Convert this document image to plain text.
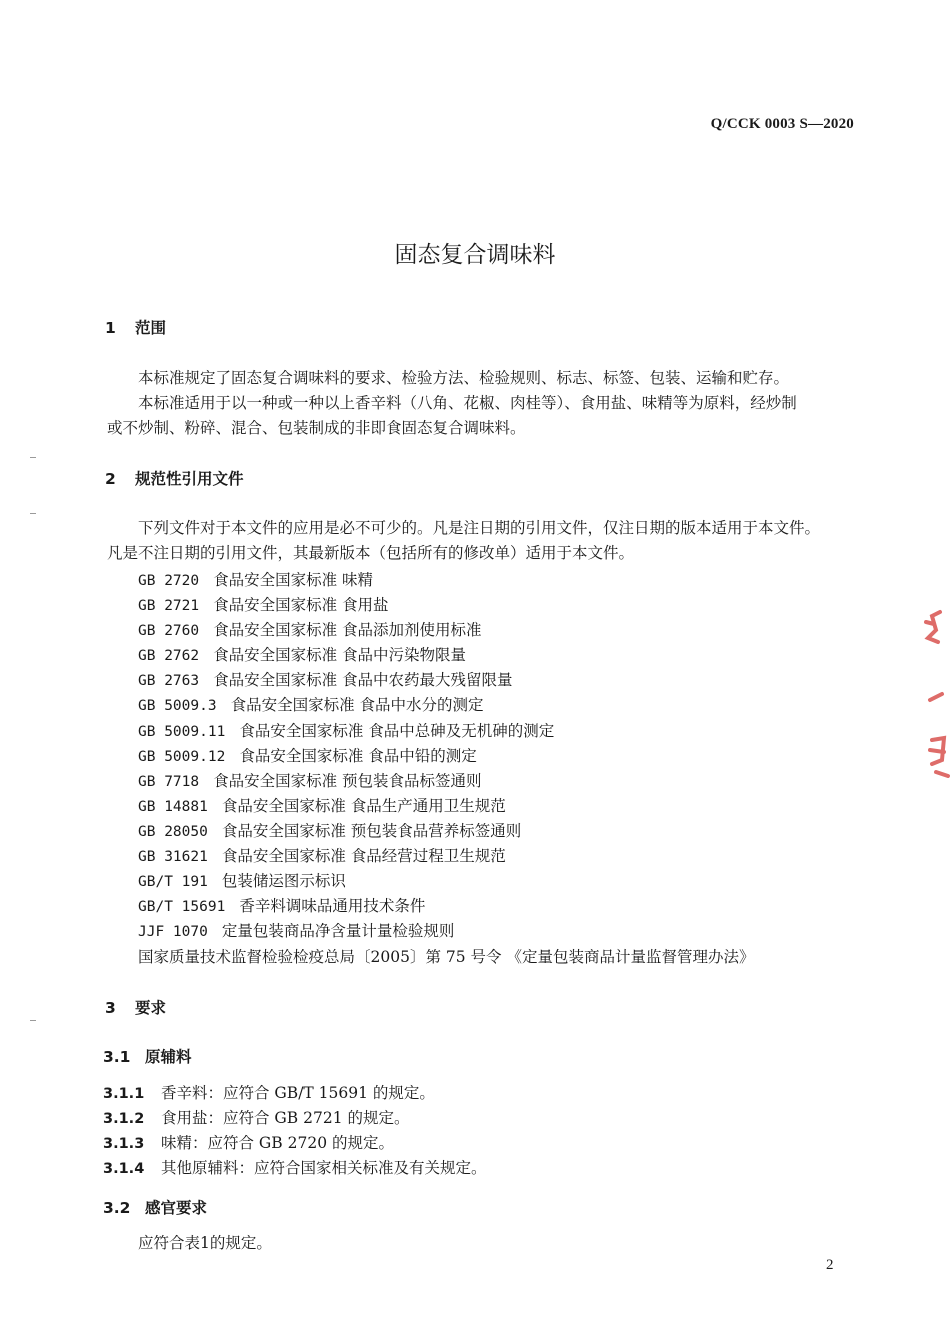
Q/CCK 0003 S—2020
固态复合调味料
1 范围
本标准规定了固态复合调味料的要求、检验方法、检验规则、标志、标签、包装、运输和贮存。
本标准适用于以一种或一种以上香辛料（八角、花椒、肉桂等）、食用盐、味精等为原料，经炒制
或不炒制、粉碎、混合、包装制成的非即食固态复合调味料。
2 规范性引用文件
下列文件对于本文件的应用是必不可少的。凡是注日期的引用文件，仅注日期的版本适用于本文件。
凡是不注日期的引用文件，其最新版本（包括所有的修改单）适用于本文件。
GB 2720 食品安全国家标准 味精
GB 2721 食品安全国家标准 食用盐
GB 2760 食品安全国家标准 食品添加剂使用标准
GB 2762 食品安全国家标准 食品中污染物限量
GB 2763 食品安全国家标准 食品中农药最大残留限量
GB 5009.3 食品安全国家标准 食品中水分的测定
GB 5009.11 食品安全国家标准 食品中总砷及无机砷的测定
GB 5009.12 食品安全国家标准 食品中铅的测定
GB 7718 食品安全国家标准 预包装食品标签通则
GB 14881 食品安全国家标准 食品生产通用卫生规范
GB 28050 食品安全国家标准 预包装食品营养标签通则
GB 31621 食品安全国家标准 食品经营过程卫生规范
GB/T 191 包装储运图示标识
GB/T 15691 香辛料调味品通用技术条件
JJF 1070 定量包装商品净含量计量检验规则
国家质量技术监督检验检疫总局〔2005〕第 75 号令 《定量包装商品计量监督管理办法》
3 要求
3.1 原辅料
3.1.1 香辛料：应符合 GB/T 15691 的规定。
3.1.2 食用盐：应符合 GB 2721 的规定。
3.1.3 味精：应符合 GB 2720 的规定。
3.1.4 其他原辅料：应符合国家相关标准及有关规定。
3.2 感官要求
应符合表1的规定。
2
